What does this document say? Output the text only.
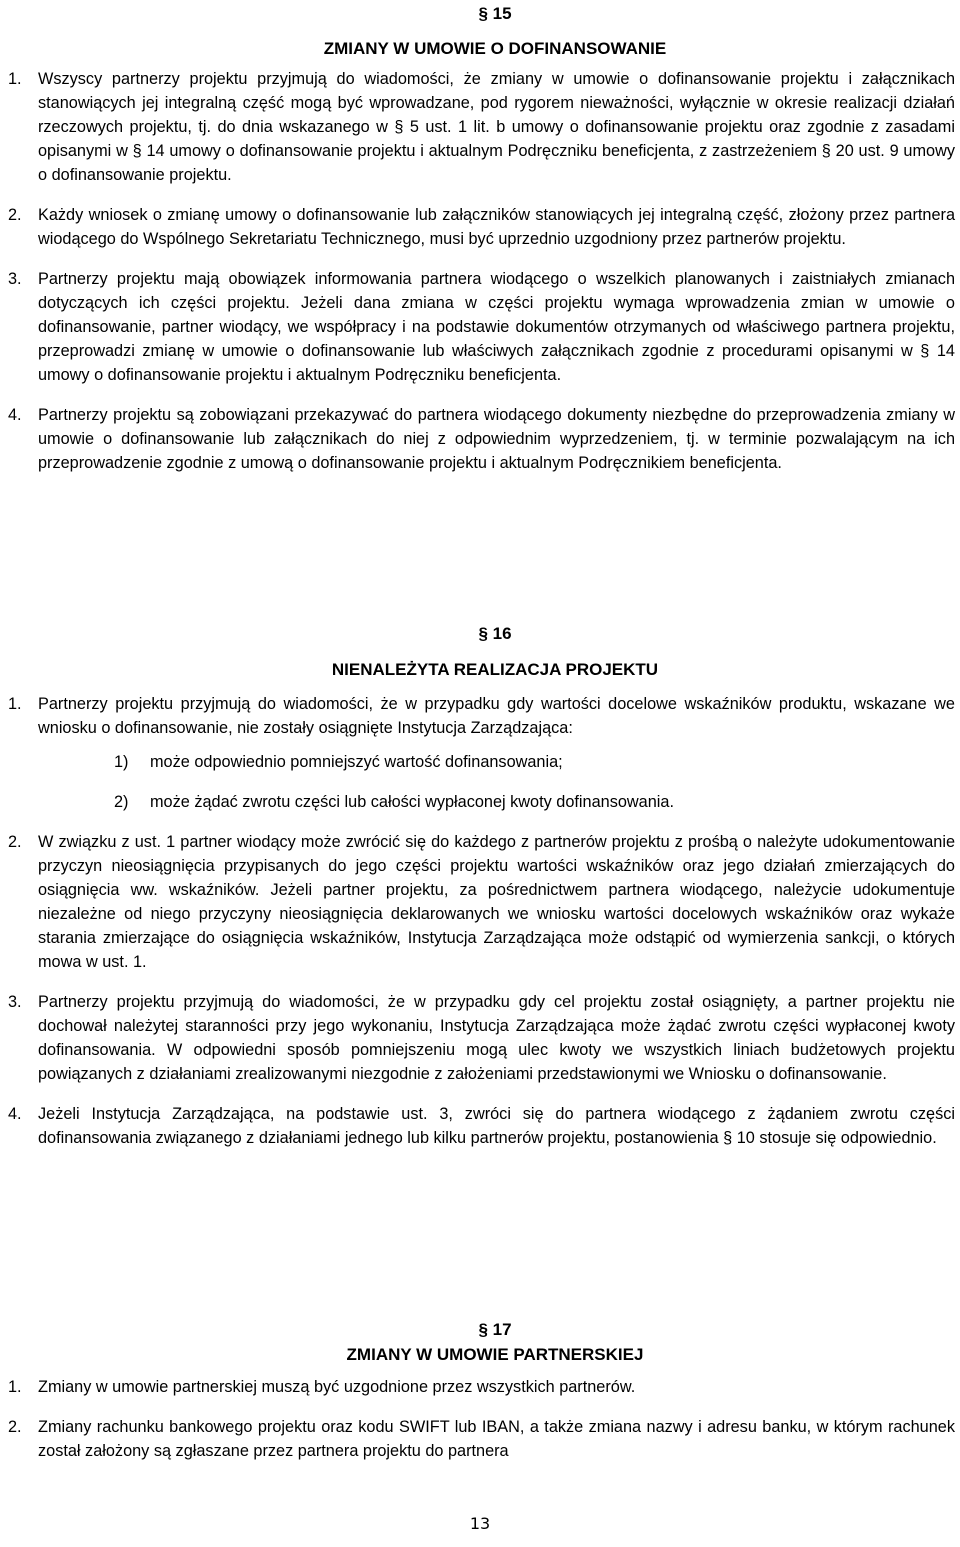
§ 15
ZMIANY W UMOWIE O DOFINANSOWANIE
1.	Wszyscy partnerzy projektu przyjmują do wiadomości, że zmiany w umowie o dofinansowanie projektu i załącznikach stanowiących jej integralną część mogą być wprowadzane, pod rygorem nieważności, wyłącznie w okresie realizacji działań rzeczowych projektu, tj. do dnia wskazanego w § 5 ust. 1 lit. b umowy o dofinansowanie projektu oraz zgodnie z zasadami opisanymi w § 14 umowy o dofinansowanie projektu i aktualnym Podręczniku beneficjenta, z zastrzeżeniem § 20 ust. 9 umowy o dofinansowanie projektu.
2.	Każdy wniosek o zmianę umowy o dofinansowanie lub załączników stanowiących jej integralną część, złożony przez partnera wiodącego do Wspólnego Sekretariatu Technicznego, musi być uprzednio uzgodniony przez partnerów projektu.
3.	Partnerzy projektu mają obowiązek informowania partnera wiodącego o wszelkich planowanych i zaistniałych zmianach dotyczących ich części projektu. Jeżeli dana zmiana w części projektu wymaga wprowadzenia zmian w umowie o dofinansowanie, partner wiodący, we współpracy i na podstawie dokumentów otrzymanych od właściwego partnera projektu, przeprowadzi zmianę w umowie o dofinansowanie lub właściwych załącznikach zgodnie z procedurami opisanymi w § 14 umowy o dofinansowanie projektu i aktualnym Podręczniku beneficjenta.
4.	Partnerzy projektu są zobowiązani przekazywać do partnera wiodącego dokumenty niezbędne do przeprowadzenia zmiany w umowie o dofinansowanie lub załącznikach do niej z odpowiednim wyprzedzeniem, tj. w terminie pozwalającym na ich przeprowadzenie zgodnie z umową o dofinansowanie projektu i aktualnym Podręcznikiem beneficjenta.
§ 16
NIENALEŻYTA REALIZACJA PROJEKTU
1.	Partnerzy projektu przyjmują do wiadomości, że w przypadku gdy wartości docelowe wskaźników produktu, wskazane we wniosku o dofinansowanie, nie zostały osiągnięte Instytucja Zarządzająca:
1) może odpowiednio pomniejszyć wartość dofinansowania;
2) może żądać zwrotu części lub całości wypłaconej kwoty dofinansowania.
2.	W związku z ust. 1 partner wiodący może zwrócić się do każdego z partnerów projektu z prośbą o należyte udokumentowanie przyczyn nieosiągnięcia przypisanych do jego części projektu wartości wskaźników oraz jego działań zmierzających do osiągnięcia ww. wskaźników. Jeżeli partner projektu, za pośrednictwem partnera wiodącego, należycie udokumentuje niezależne od niego przyczyny nieosiągnięcia deklarowanych we wniosku wartości docelowych wskaźników oraz wykaże starania zmierzające do osiągnięcia wskaźników, Instytucja Zarządzająca może odstąpić od wymierzenia sankcji, o których mowa w ust. 1.
3.	Partnerzy projektu przyjmują do wiadomości, że w przypadku gdy cel projektu został osiągnięty, a partner projektu nie dochował należytej staranności przy jego wykonaniu, Instytucja Zarządzająca może żądać zwrotu części wypłaconej kwoty dofinansowania. W odpowiedni sposób pomniejszeniu mogą ulec kwoty we wszystkich liniach budżetowych projektu powiązanych z działaniami zrealizowanymi niezgodnie z założeniami przedstawionymi we Wniosku o dofinansowanie.
4.	Jeżeli Instytucja Zarządzająca, na podstawie ust. 3, zwróci się do partnera wiodącego z żądaniem zwrotu części dofinansowania związanego z działaniami jednego lub kilku partnerów projektu, postanowienia § 10 stosuje się odpowiednio.
§ 17
ZMIANY W UMOWIE PARTNERSKIEJ
1.	Zmiany w umowie partnerskiej muszą być uzgodnione przez wszystkich partnerów.
2.	Zmiany rachunku bankowego projektu oraz kodu SWIFT lub IBAN, a także zmiana nazwy i adresu banku, w którym rachunek został założony są zgłaszane przez partnera projektu do partnera
13
